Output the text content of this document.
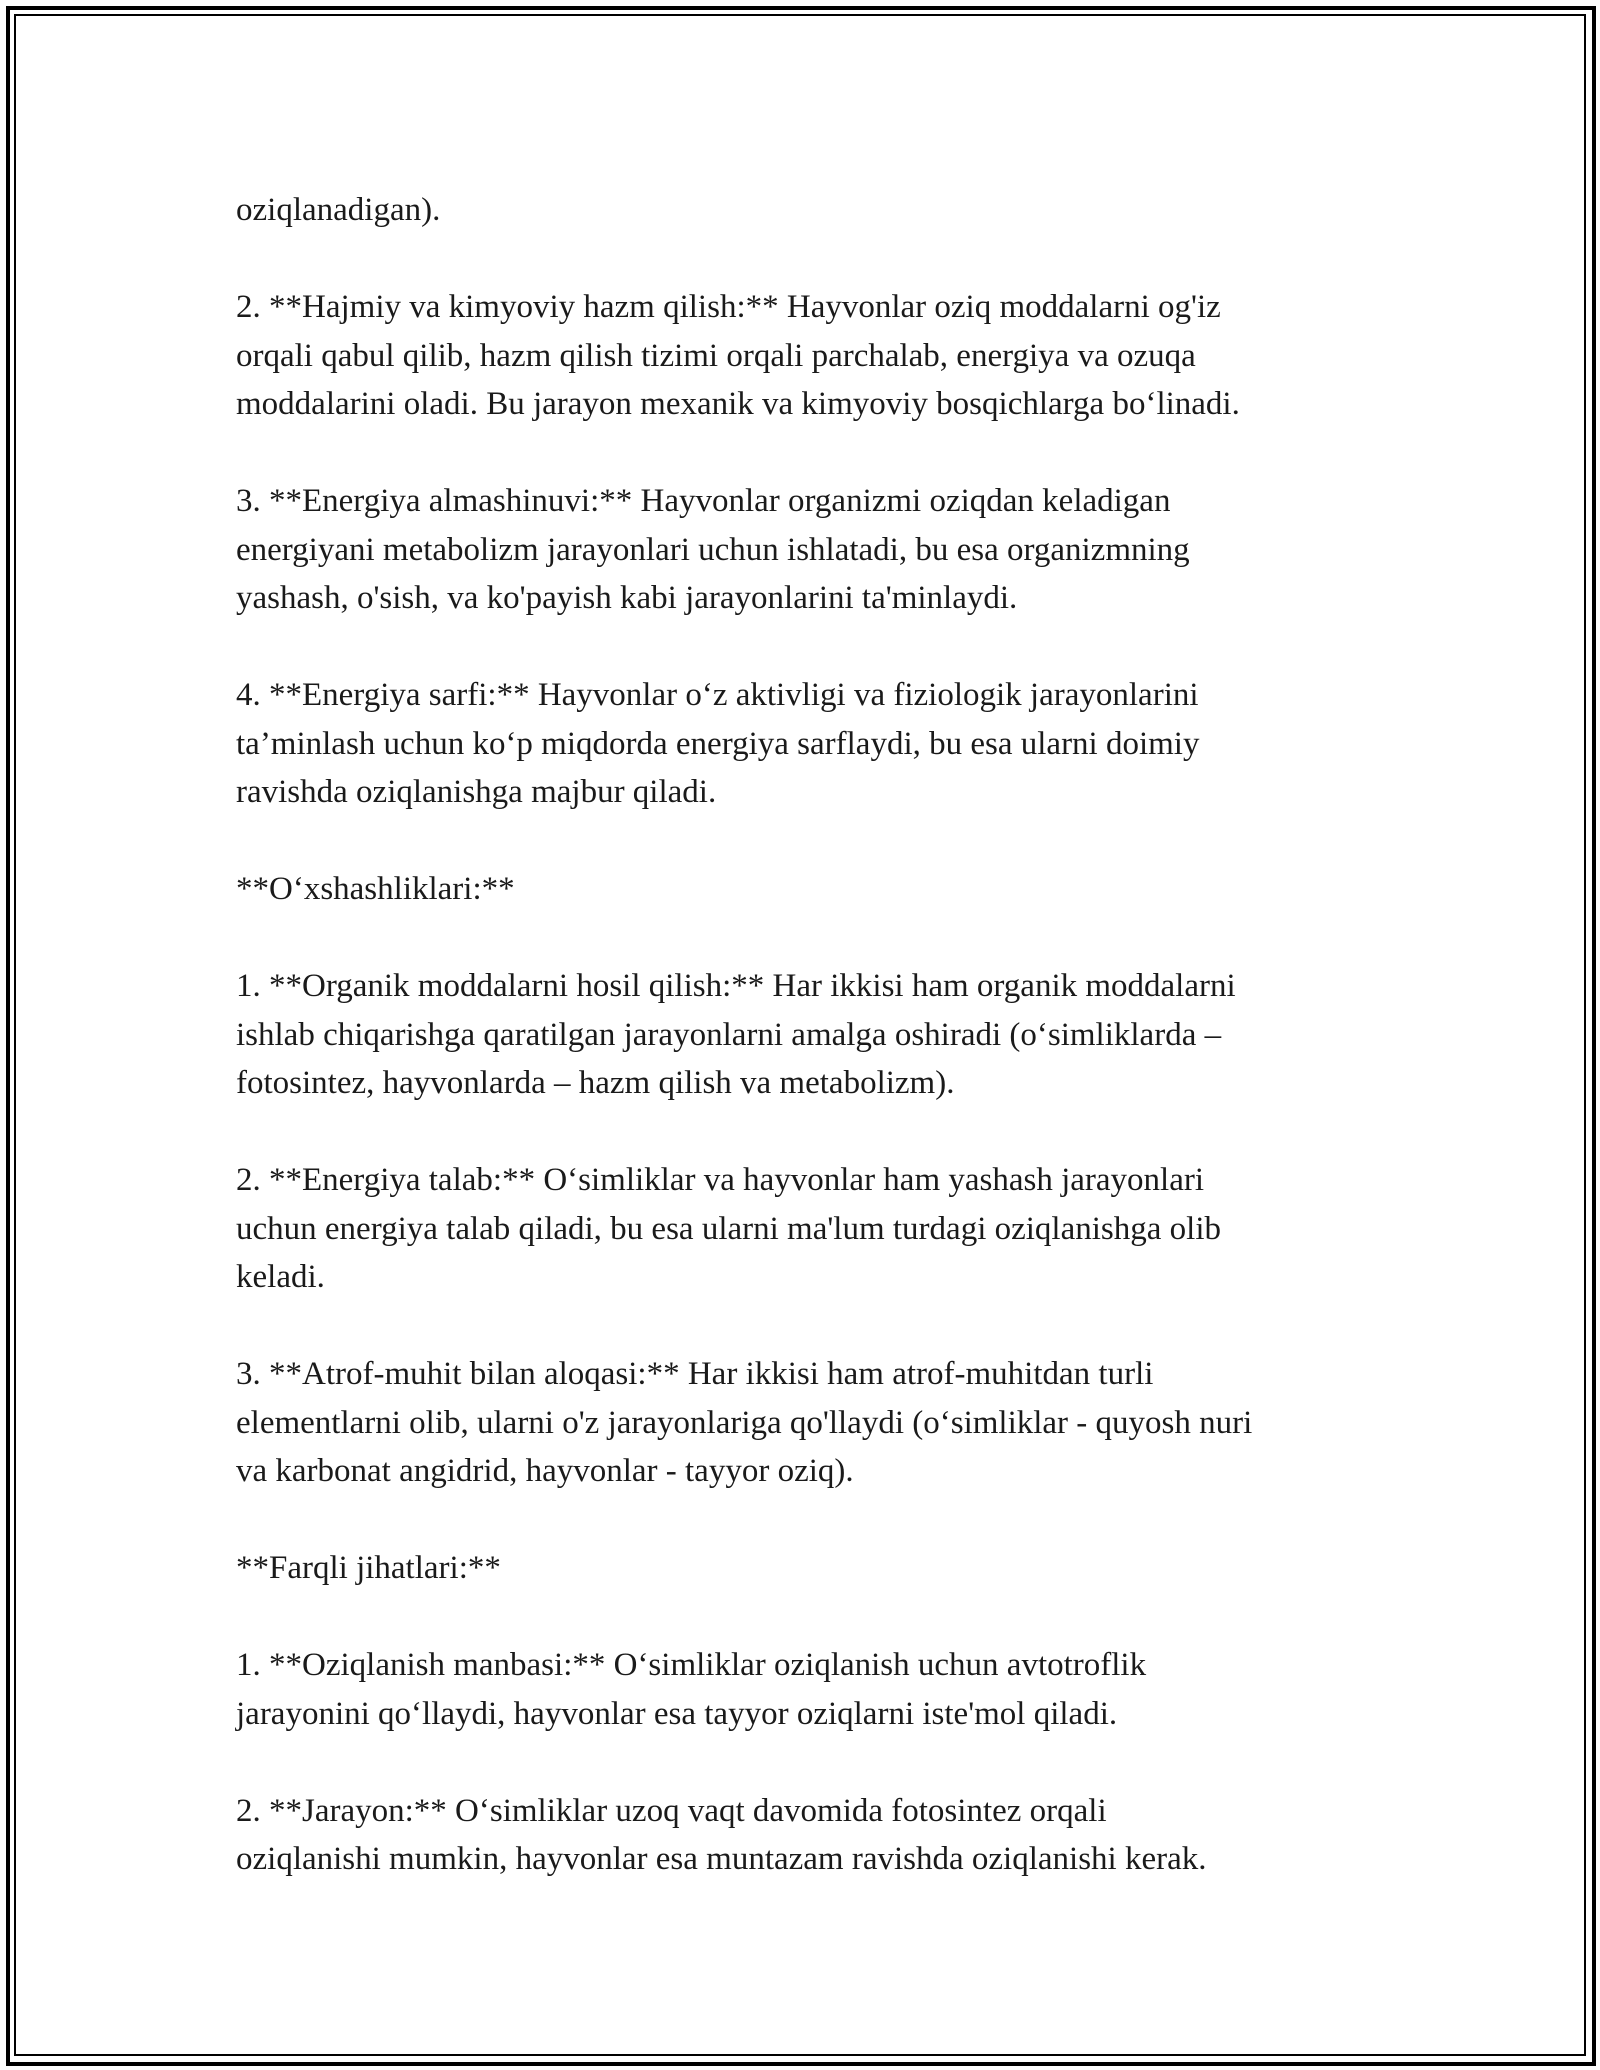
oziqlanadigan).

2. **Hajmiy va kimyoviy hazm qilish:** Hayvonlar oziq moddalarni og'iz
orqali qabul qilib, hazm qilish tizimi orqali parchalab, energiya va ozuqa
moddalarini oladi. Bu jarayon mexanik va kimyoviy bosqichlarga bo‘linadi.

3. **Energiya almashinuvi:** Hayvonlar organizmi oziqdan keladigan
energiyani metabolizm jarayonlari uchun ishlatadi, bu esa organizmning
yashash, o'sish, va ko'payish kabi jarayonlarini ta'minlaydi.

4. **Energiya sarfi:** Hayvonlar o‘z aktivligi va fiziologik jarayonlarini
ta’minlash uchun ko‘p miqdorda energiya sarflaydi, bu esa ularni doimiy
ravishda oziqlanishga majbur qiladi.

**O‘xshashliklari:**

1. **Organik moddalarni hosil qilish:** Har ikkisi ham organik moddalarni
ishlab chiqarishga qaratilgan jarayonlarni amalga oshiradi (o‘simliklarda –
fotosintez, hayvonlarda – hazm qilish va metabolizm).

2. **Energiya talab:** O‘simliklar va hayvonlar ham yashash jarayonlari
uchun energiya talab qiladi, bu esa ularni ma'lum turdagi oziqlanishga olib
keladi.

3. **Atrof-muhit bilan aloqasi:** Har ikkisi ham atrof-muhitdan turli
elementlarni olib, ularni o'z jarayonlariga qo'llaydi (o‘simliklar - quyosh nuri
va karbonat angidrid, hayvonlar - tayyor oziq).

**Farqli jihatlari:**

1. **Oziqlanish manbasi:** O‘simliklar oziqlanish uchun avtotroflik
jarayonini qo‘llaydi, hayvonlar esa tayyor oziqlarni iste'mol qiladi.

2. **Jarayon:** O‘simliklar uzoq vaqt davomida fotosintez orqali
oziqlanishi mumkin, hayvonlar esa muntazam ravishda oziqlanishi kerak.
